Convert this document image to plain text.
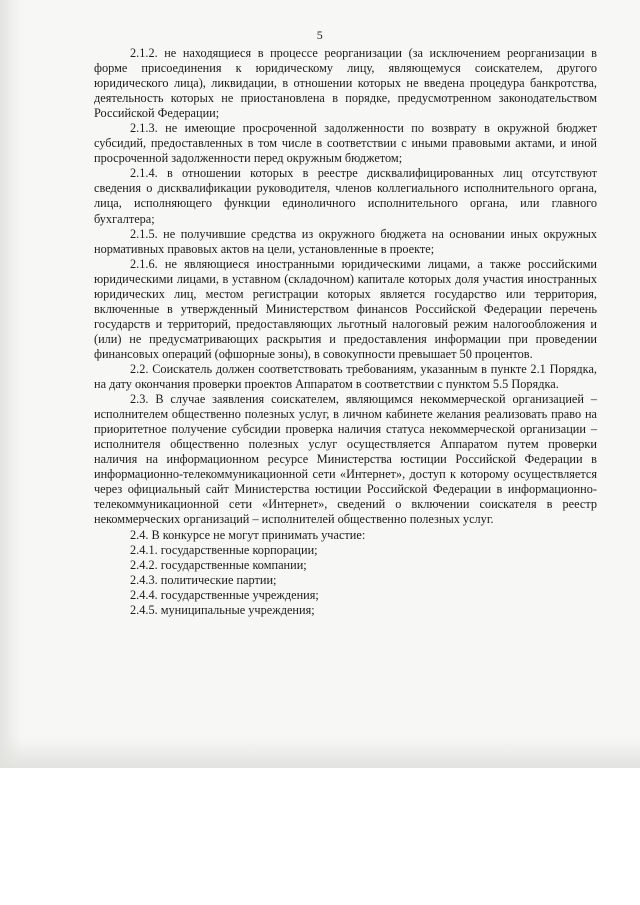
5

2.1.2. не находящиеся в процессе реорганизации (за исключением реорганизации в форме присоединения к юридическому лицу, являющемуся соискателем, другого юридического лица), ликвидации, в отношении которых не введена процедура банкротства, деятельность которых не приостановлена в порядке, предусмотренном законодательством Российской Федерации;

2.1.3. не имеющие просроченной задолженности по возврату в окружной бюджет субсидий, предоставленных в том числе в соответствии с иными правовыми актами, и иной просроченной задолженности перед окружным бюджетом;

2.1.4. в отношении которых в реестре дисквалифицированных лиц отсутствуют сведения о дисквалификации руководителя, членов коллегиального исполнительного органа, лица, исполняющего функции единоличного исполнительного органа, или главного бухгалтера;

2.1.5. не получившие средства из окружного бюджета на основании иных окружных нормативных правовых актов на цели, установленные в проекте;

2.1.6. не являющиеся иностранными юридическими лицами, а также российскими юридическими лицами, в уставном (складочном) капитале которых доля участия иностранных юридических лиц, местом регистрации которых является государство или территория, включенные в утвержденный Министерством финансов Российской Федерации перечень государств и территорий, предоставляющих льготный налоговый режим налогообложения и (или) не предусматривающих раскрытия и предоставления информации при проведении финансовых операций (офшорные зоны), в совокупности превышает 50 процентов.

2.2. Соискатель должен соответствовать требованиям, указанным в пункте 2.1 Порядка, на дату окончания проверки проектов Аппаратом в соответствии с пунктом 5.5 Порядка.

2.3. В случае заявления соискателем, являющимся некоммерческой организацией – исполнителем общественно полезных услуг, в личном кабинете желания реализовать право на приоритетное получение субсидии проверка наличия статуса некоммерческой организации – исполнителя общественно полезных услуг осуществляется Аппаратом путем проверки наличия на информационном ресурсе Министерства юстиции Российской Федерации в информационно-телекоммуникационной сети «Интернет», доступ к которому осуществляется через официальный сайт Министерства юстиции Российской Федерации в информационно-телекоммуникационной сети «Интернет», сведений о включении соискателя в реестр некоммерческих организаций – исполнителей общественно полезных услуг.

2.4. В конкурсе не могут принимать участие:

2.4.1. государственные корпорации;

2.4.2. государственные компании;

2.4.3. политические партии;

2.4.4. государственные учреждения;

2.4.5. муниципальные учреждения;
